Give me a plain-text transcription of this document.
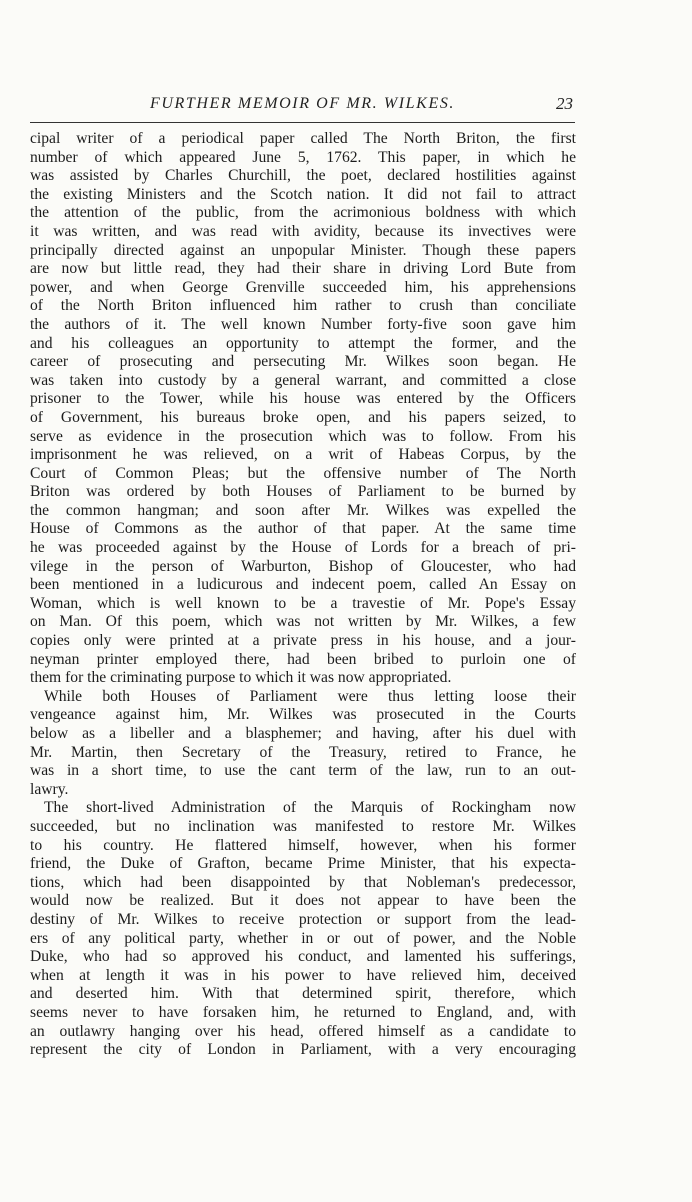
FURTHER MEMOIR OF MR. WILKES.	23
cipal writer of a periodical paper called The North Briton, the first
number of which appeared June 5, 1762. This paper, in which he
was assisted by Charles Churchill, the poet, declared hostilities against
the existing Ministers and the Scotch nation. It did not fail to attract
the attention of the public, from the acrimonious boldness with which
it was written, and was read with avidity, because its invectives were
principally directed against an unpopular Minister. Though these papers
are now but little read, they had their share in driving Lord Bute from
power, and when George Grenville succeeded him, his apprehensions
of the North Briton influenced him rather to crush than conciliate
the authors of it. The well known Number forty-five soon gave him
and his colleagues an opportunity to attempt the former, and the
career of prosecuting and persecuting Mr. Wilkes soon began. He
was taken into custody by a general warrant, and committed a close
prisoner to the Tower, while his house was entered by the Officers
of Government, his bureaus broke open, and his papers seized, to
serve as evidence in the prosecution which was to follow. From his
imprisonment he was relieved, on a writ of Habeas Corpus, by the
Court of Common Pleas; but the offensive number of The North
Briton was ordered by both Houses of Parliament to be burned by
the common hangman; and soon after Mr. Wilkes was expelled the
House of Commons as the author of that paper. At the same time
he was proceeded against by the House of Lords for a breach of pri-
vilege in the person of Warburton, Bishop of Gloucester, who had
been mentioned in a ludicurous and indecent poem, called An Essay on
Woman, which is well known to be a travestie of Mr. Pope's Essay
on Man. Of this poem, which was not written by Mr. Wilkes, a few
copies only were printed at a private press in his house, and a jour-
neyman printer employed there, had been bribed to purloin one of
them for the criminating purpose to which it was now appropriated.
While both Houses of Parliament were thus letting loose their
vengeance against him, Mr. Wilkes was prosecuted in the Courts
below as a libeller and a blasphemer; and having, after his duel with
Mr. Martin, then Secretary of the Treasury, retired to France, he
was in a short time, to use the cant term of the law, run to an out-
lawry.
The short-lived Administration of the Marquis of Rockingham now
succeeded, but no inclination was manifested to restore Mr. Wilkes
to his country. He flattered himself, however, when his former
friend, the Duke of Grafton, became Prime Minister, that his expecta-
tions, which had been disappointed by that Nobleman's predecessor,
would now be realized. But it does not appear to have been the
destiny of Mr. Wilkes to receive protection or support from the lead-
ers of any political party, whether in or out of power, and the Noble
Duke, who had so approved his conduct, and lamented his sufferings,
when at length it was in his power to have relieved him, deceived
and deserted him. With that determined spirit, therefore, which
seems never to have forsaken him, he returned to England, and, with
an outlawry hanging over his head, offered himself as a candidate to
represent the city of London in Parliament, with a very encouraging
